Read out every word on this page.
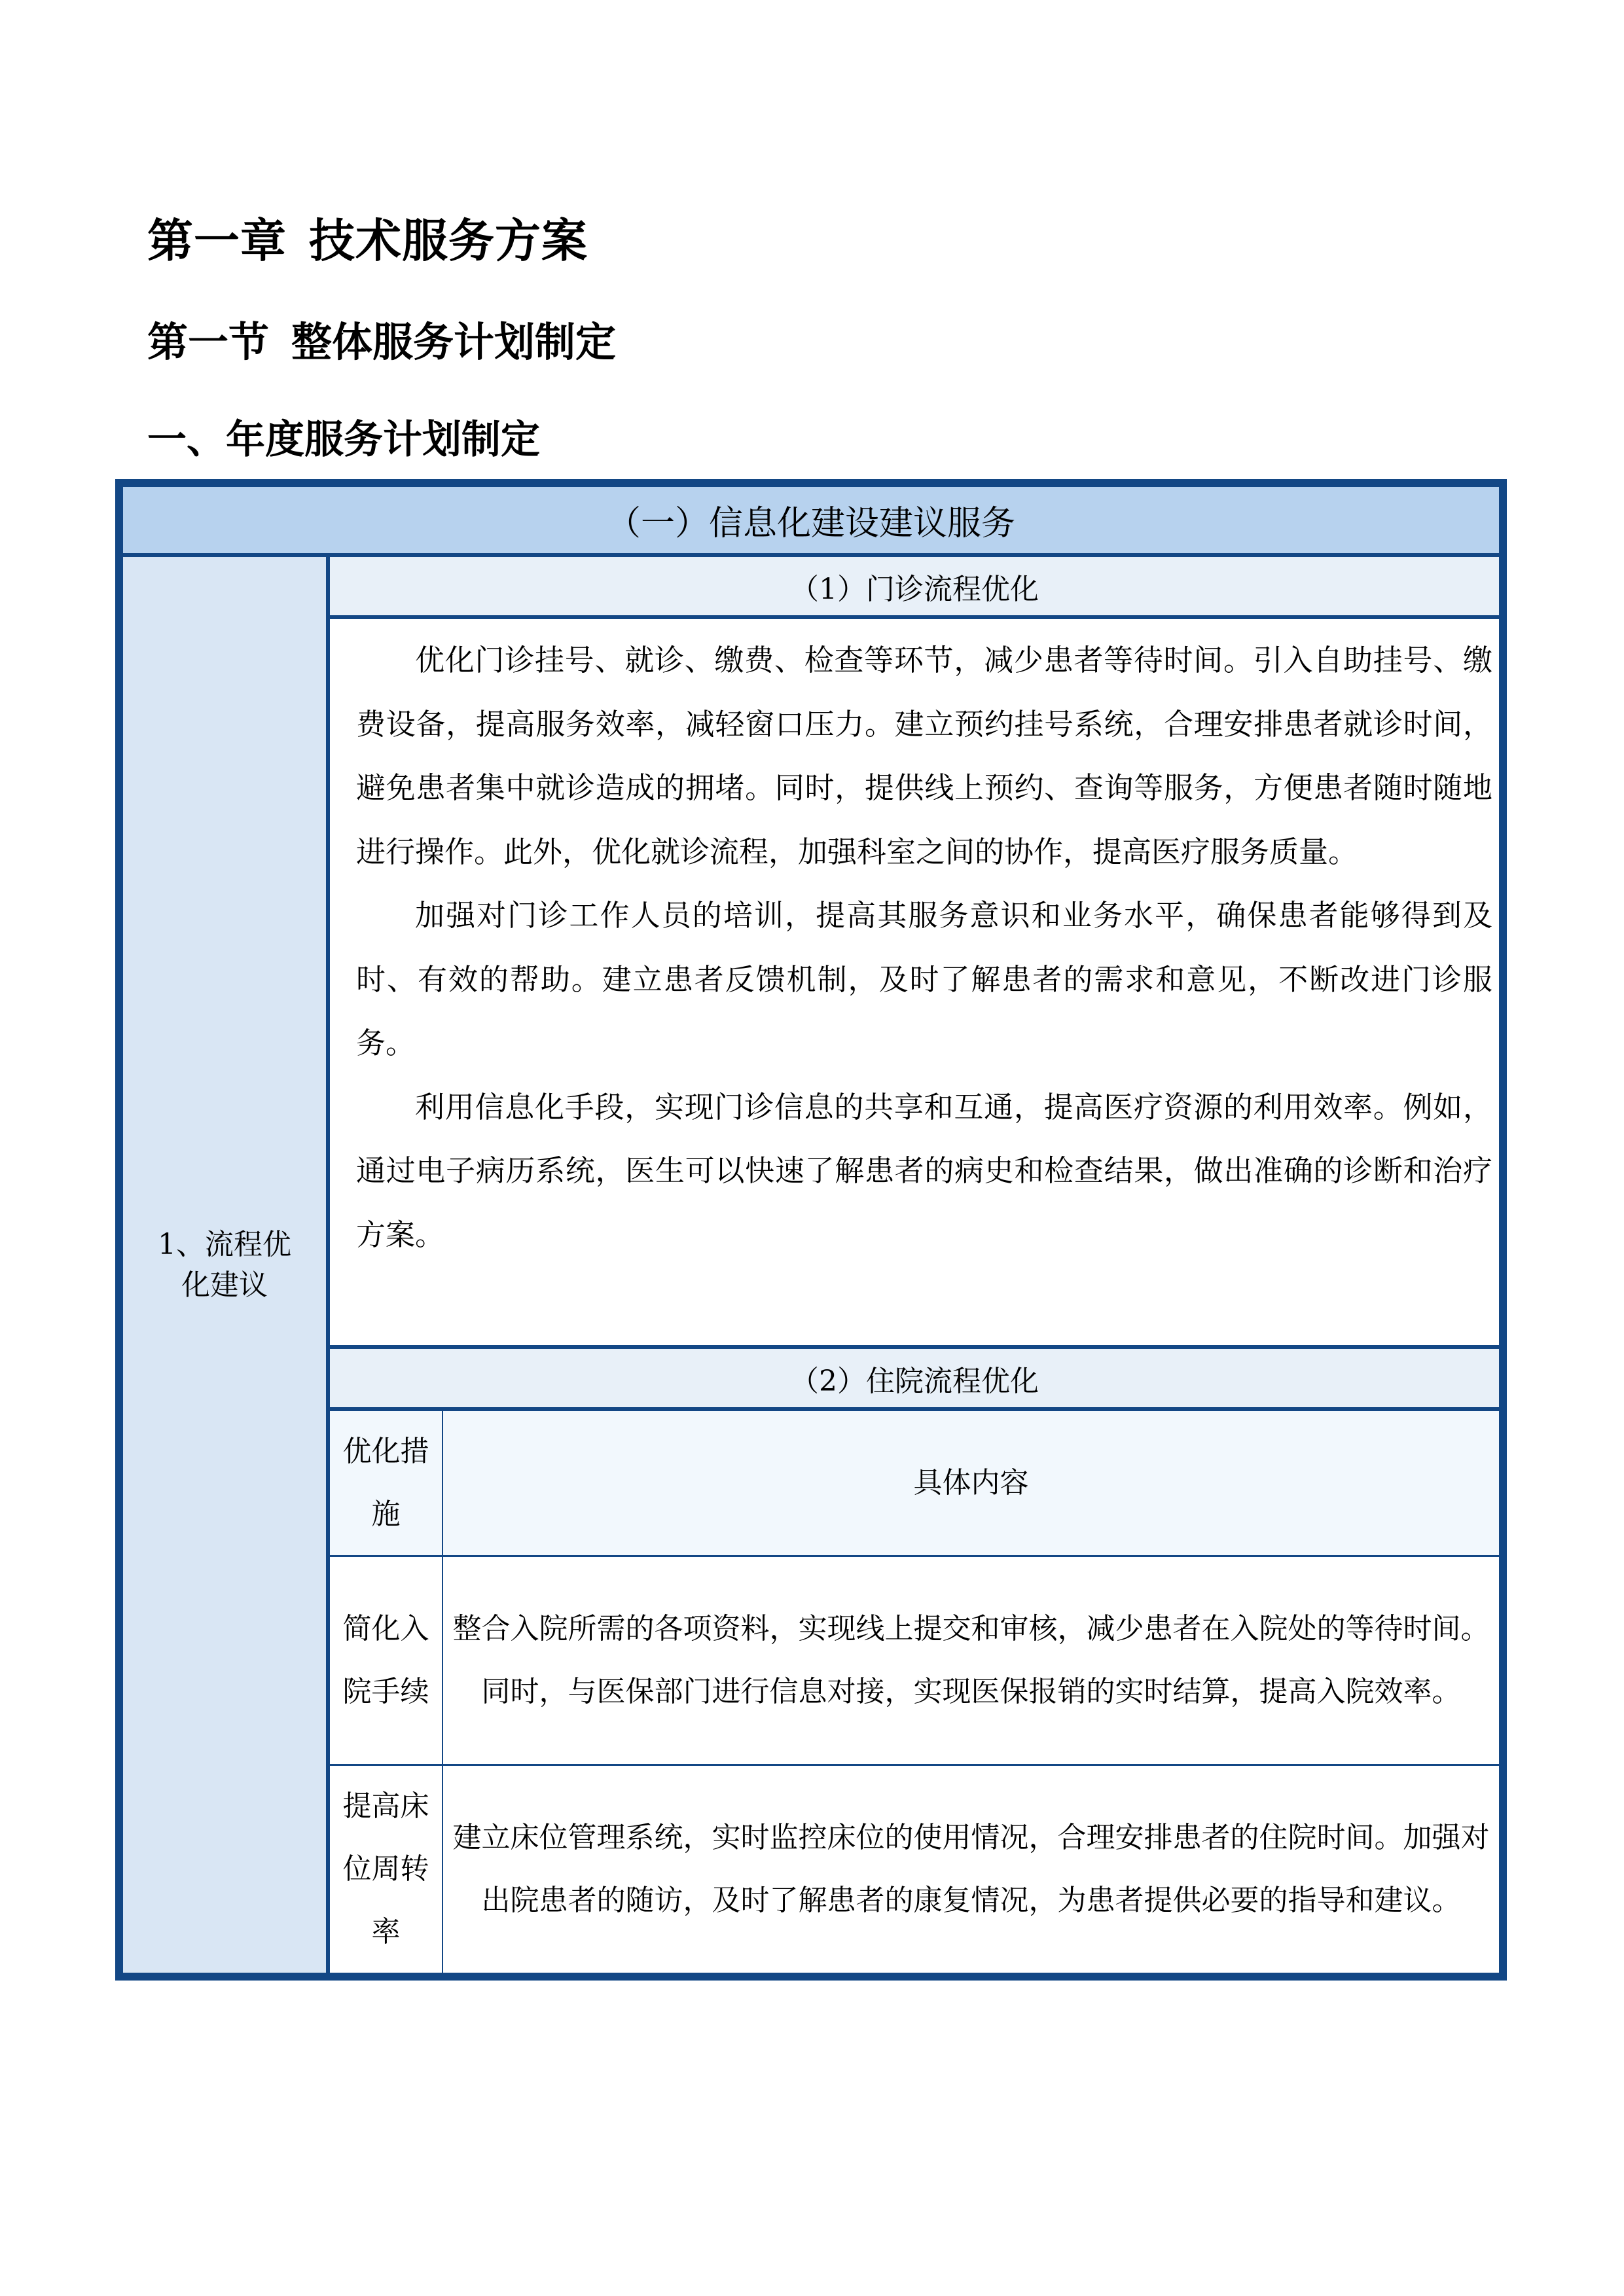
第一章 技术服务方案
第一节 整体服务计划制定
一、年度服务计划制定
（一）信息化建设建议服务
1、流程优化建议
（1）门诊流程优化

优化门诊挂号、就诊、缴费、检查等环节，减少患者等待时间。引入自助挂号、缴费设备，提高服务效率，减轻窗口压力。建立预约挂号系统，合理安排患者就诊时间，避免患者集中就诊造成的拥堵。同时，提供线上预约、查询等服务，方便患者随时随地进行操作。此外，优化就诊流程，加强科室之间的协作，提高医疗服务质量。

加强对门诊工作人员的培训，提高其服务意识和业务水平，确保患者能够得到及时、有效的帮助。建立患者反馈机制，及时了解患者的需求和意见，不断改进门诊服务。

利用信息化手段，实现门诊信息的共享和互通，提高医疗资源的利用效率。例如，通过电子病历系统，医生可以快速了解患者的病史和检查结果，做出准确的诊断和治疗方案。

（2）住院流程优化
优化措施
具体内容
简化入院手续
整合入院所需的各项资料，实现线上提交和审核，减少患者在入院处的等待时间。同时，与医保部门进行信息对接，实现医保报销的实时结算，提高入院效率。
提高床位周转率
建立床位管理系统，实时监控床位的使用情况，合理安排患者的住院时间。加强对出院患者的随访，及时了解患者的康复情况，为患者提供必要的指导和建议。
